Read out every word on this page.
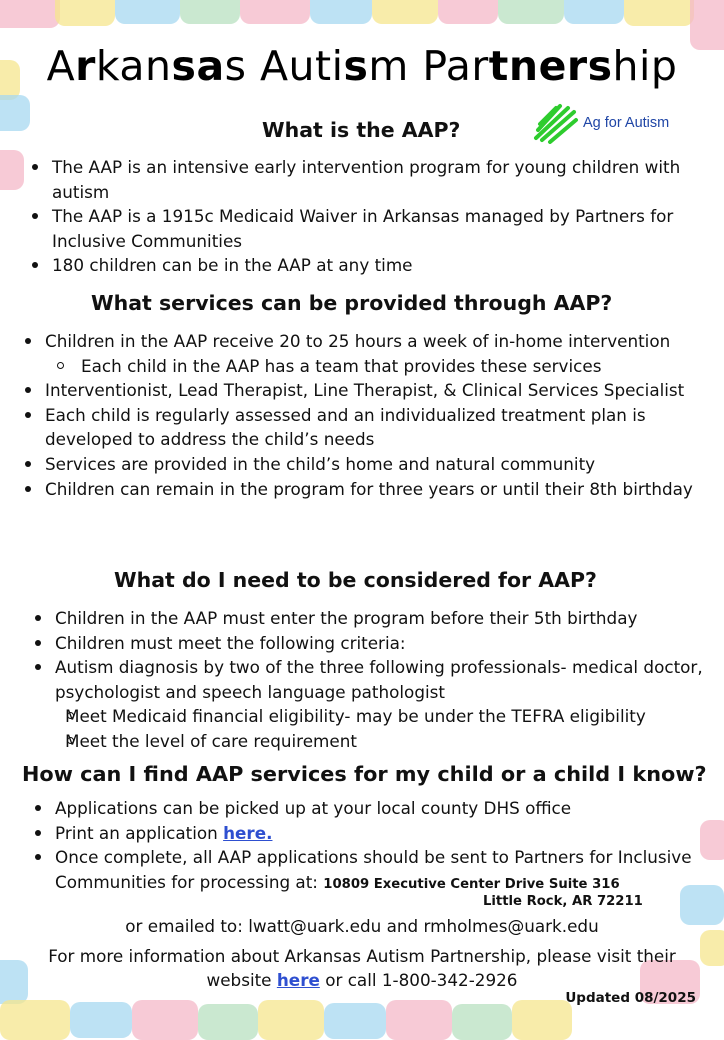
Arkansas Autism Partnership
Ag for Autism
What is the AAP?
The AAP is an intensive early intervention program for young children with autism
The AAP is a 1915c Medicaid Waiver in Arkansas managed by Partners for Inclusive Communities
180 children can be in the AAP at any time
What services can be provided through AAP?
Children in the AAP receive 20 to 25 hours a week of in-home intervention
Each child in the AAP has a team that provides these services
Interventionist, Lead Therapist, Line Therapist, & Clinical Services Specialist
Each child is regularly assessed and an individualized treatment plan is developed to address the child’s needs
Services are provided in the child’s home and natural community
Children can remain in the program for three years or until their 8th birthday
What do I need to be considered for AAP?
Children in the AAP must enter the program before their 5th birthday
Children must meet the following criteria:
Autism diagnosis by two of the three following professionals- medical doctor, psychologist and speech language pathologist
Meet Medicaid financial eligibility- may be under the TEFRA eligibility
Meet the level of care requirement
How can I find AAP services for my child or a child I know?
Applications can be picked up at your local county DHS office
Print an application here.
Once complete, all AAP applications should be sent to Partners for Inclusive Communities for processing at: 10809 Executive Center Drive Suite 316
Little Rock, AR 72211
or emailed to: lwatt@uark.edu and rmholmes@uark.edu
For more information about Arkansas Autism Partnership, please visit their
website here or call 1-800-342-2926
Updated 08/2025
